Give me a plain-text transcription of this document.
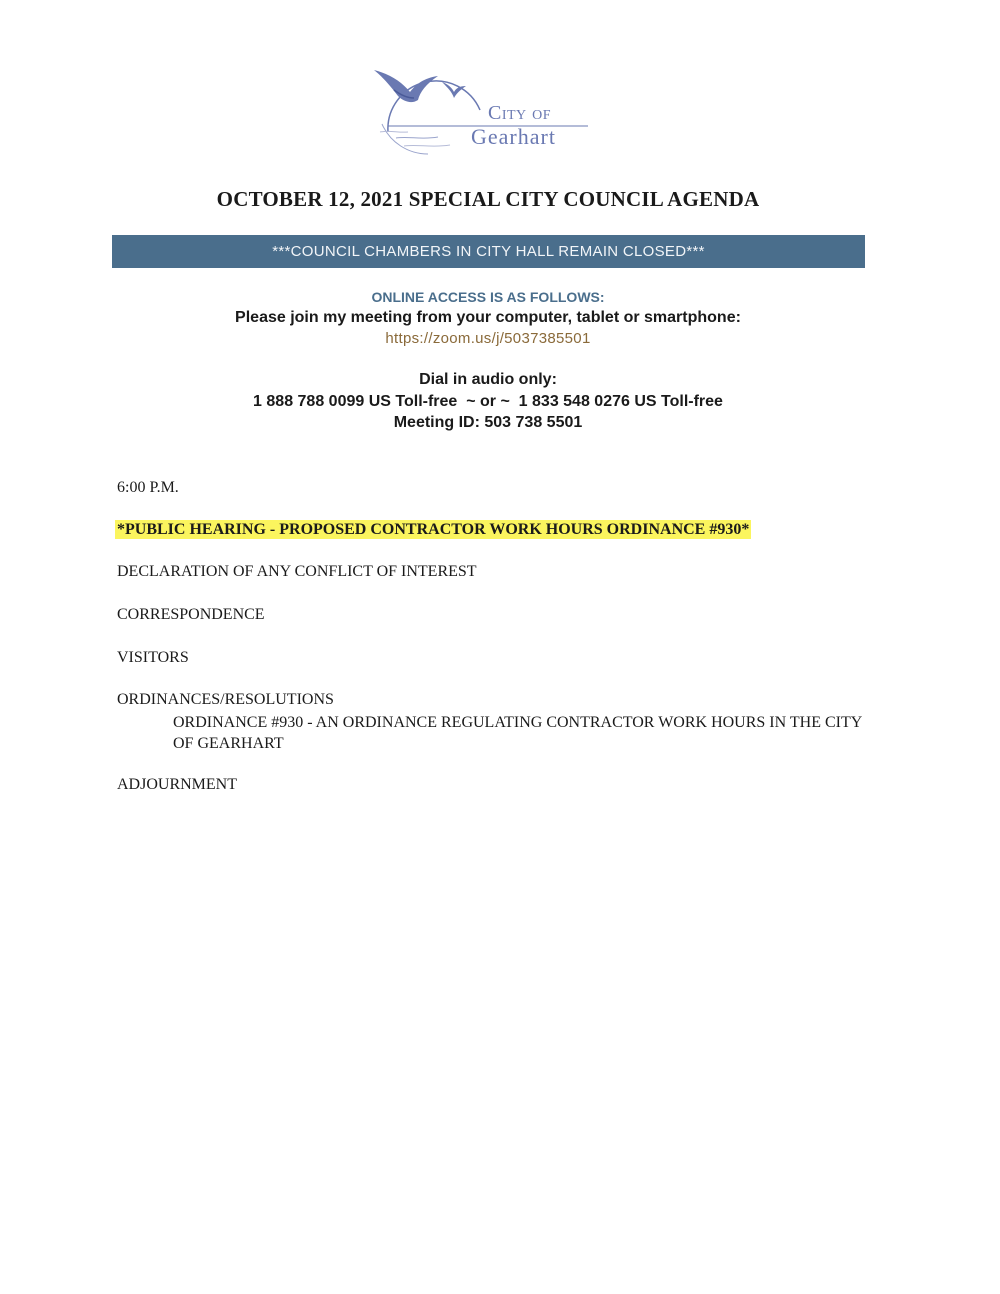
City of
Gearhart
OCTOBER 12, 2021 SPECIAL CITY COUNCIL AGENDA
***COUNCIL CHAMBERS IN CITY HALL REMAIN CLOSED***
ONLINE ACCESS IS AS FOLLOWS:
Please join my meeting from your computer, tablet or smartphone:
https://zoom.us/j/5037385501
Dial in audio only:
1 888 788 0099 US Toll-free  ~ or ~  1 833 548 0276 US Toll-free
Meeting ID: 503 738 5501
6:00 P.M.
*PUBLIC HEARING - PROPOSED CONTRACTOR WORK HOURS ORDINANCE #930*
DECLARATION OF ANY CONFLICT OF INTEREST
CORRESPONDENCE
VISITORS
ORDINANCES/RESOLUTIONS
ORDINANCE #930 - AN ORDINANCE REGULATING CONTRACTOR WORK HOURS IN THE CITY OF GEARHART
ADJOURNMENT
